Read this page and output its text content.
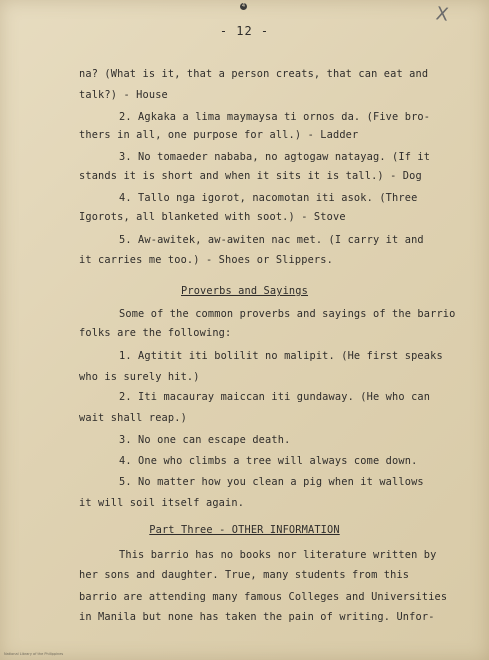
4	X
- 12 -
na? (What is it, that a person creats, that can eat and
talk?) - House
2. Agkaka a lima maymaysa ti ornos da. (Five bro-
thers in all, one purpose for all.) - Ladder
3. No tomaeder nababa, no agtogaw natayag. (If it
stands it is short and when it sits it is tall.) - Dog
4. Tallo nga igorot, nacomotan iti asok. (Three
Igorots, all blanketed with soot.) - Stove
5. Aw-awitek, aw-awiten nac met. (I carry it and
it carries me too.) - Shoes or Slippers.
Proverbs and Sayings
Some of the common proverbs and sayings of the barrio
folks are the following:
1. Agtitit iti bolilit no malipit. (He first speaks
who is surely hit.)
2. Iti macauray maiccan iti gundaway. (He who can
wait shall reap.)
3. No one can escape death.
4. One who climbs a tree will always come down.
5. No matter how you clean a pig when it wallows
it will soil itself again.
Part Three - OTHER INFORMATION
This barrio has no books nor literature written by
her sons and daughter. True, many students from this
barrio are attending many famous Colleges and Universities
in Manila but none has taken the pain of writing. Unfor-
National Library of the Philippines
